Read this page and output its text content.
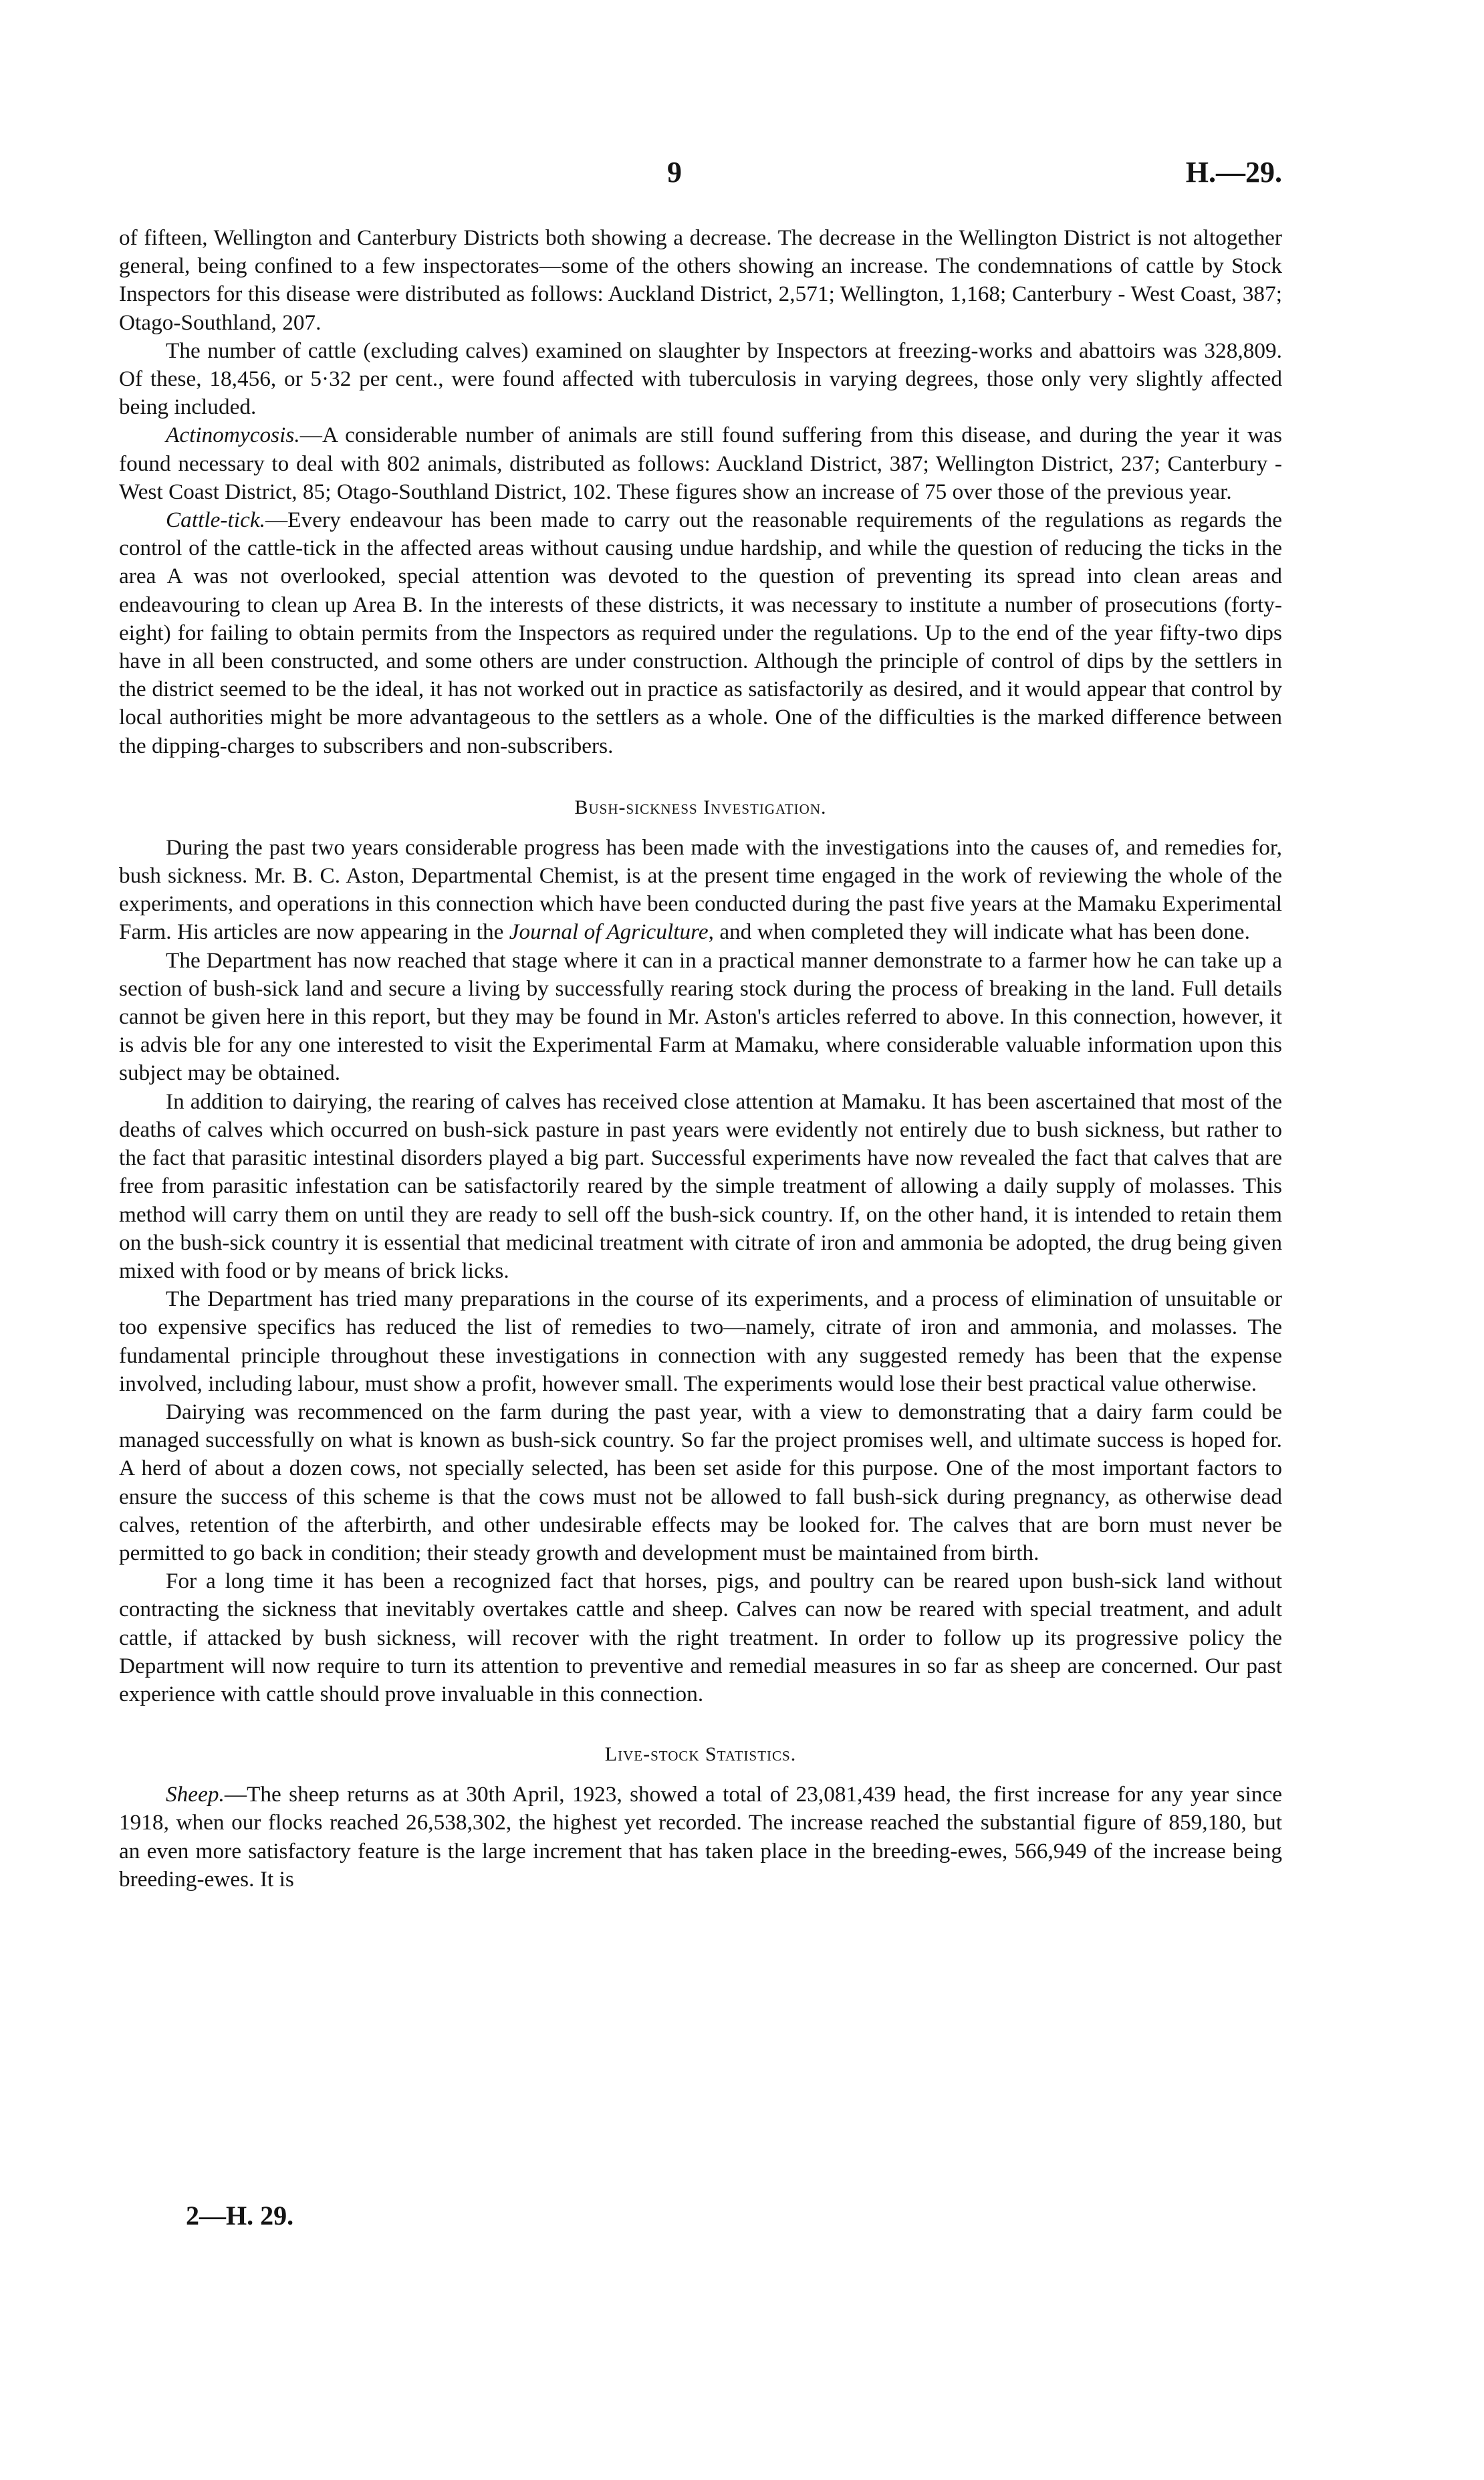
9	H.—29.

of fifteen, Wellington and Canterbury Districts both showing a decrease. The decrease in the Wellington District is not altogether general, being confined to a few inspectorates—some of the others showing an increase. The condemnations of cattle by Stock Inspectors for this disease were distributed as follows: Auckland District, 2,571; Wellington, 1,168; Canterbury - West Coast, 387; Otago-Southland, 207.

The number of cattle (excluding calves) examined on slaughter by Inspectors at freezing-works and abattoirs was 328,809. Of these, 18,456, or 5·32 per cent., were found affected with tuberculosis in varying degrees, those only very slightly affected being included.

Actinomycosis.—A considerable number of animals are still found suffering from this disease, and during the year it was found necessary to deal with 802 animals, distributed as follows: Auckland District, 387; Wellington District, 237; Canterbury - West Coast District, 85; Otago-Southland District, 102. These figures show an increase of 75 over those of the previous year.

Cattle-tick.—Every endeavour has been made to carry out the reasonable requirements of the regulations as regards the control of the cattle-tick in the affected areas without causing undue hardship, and while the question of reducing the ticks in the area A was not overlooked, special attention was devoted to the question of preventing its spread into clean areas and endeavouring to clean up Area B. In the interests of these districts, it was necessary to institute a number of prosecutions (forty-eight) for failing to obtain permits from the Inspectors as required under the regulations. Up to the end of the year fifty-two dips have in all been constructed, and some others are under construction. Although the principle of control of dips by the settlers in the district seemed to be the ideal, it has not worked out in practice as satisfactorily as desired, and it would appear that control by local authorities might be more advantageous to the settlers as a whole. One of the difficulties is the marked difference between the dipping-charges to subscribers and non-subscribers.

Bush-sickness Investigation.

During the past two years considerable progress has been made with the investigations into the causes of, and remedies for, bush sickness. Mr. B. C. Aston, Departmental Chemist, is at the present time engaged in the work of reviewing the whole of the experiments, and operations in this connection which have been conducted during the past five years at the Mamaku Experimental Farm. His articles are now appearing in the Journal of Agriculture, and when completed they will indicate what has been done.

The Department has now reached that stage where it can in a practical manner demonstrate to a farmer how he can take up a section of bush-sick land and secure a living by successfully rearing stock during the process of breaking in the land. Full details cannot be given here in this report, but they may be found in Mr. Aston's articles referred to above. In this connection, however, it is advis ble for any one interested to visit the Experimental Farm at Mamaku, where considerable valuable information upon this subject may be obtained.

In addition to dairying, the rearing of calves has received close attention at Mamaku. It has been ascertained that most of the deaths of calves which occurred on bush-sick pasture in past years were evidently not entirely due to bush sickness, but rather to the fact that parasitic intestinal disorders played a big part. Successful experiments have now revealed the fact that calves that are free from parasitic infestation can be satisfactorily reared by the simple treatment of allowing a daily supply of molasses. This method will carry them on until they are ready to sell off the bush-sick country. If, on the other hand, it is intended to retain them on the bush-sick country it is essential that medicinal treatment with citrate of iron and ammonia be adopted, the drug being given mixed with food or by means of brick licks.

The Department has tried many preparations in the course of its experiments, and a process of elimination of unsuitable or too expensive specifics has reduced the list of remedies to two—namely, citrate of iron and ammonia, and molasses. The fundamental principle throughout these investigations in connection with any suggested remedy has been that the expense involved, including labour, must show a profit, however small. The experiments would lose their best practical value otherwise.

Dairying was recommenced on the farm during the past year, with a view to demonstrating that a dairy farm could be managed successfully on what is known as bush-sick country. So far the project promises well, and ultimate success is hoped for. A herd of about a dozen cows, not specially selected, has been set aside for this purpose. One of the most important factors to ensure the success of this scheme is that the cows must not be allowed to fall bush-sick during pregnancy, as otherwise dead calves, retention of the afterbirth, and other undesirable effects may be looked for. The calves that are born must never be permitted to go back in condition; their steady growth and development must be maintained from birth.

For a long time it has been a recognized fact that horses, pigs, and poultry can be reared upon bush-sick land without contracting the sickness that inevitably overtakes cattle and sheep. Calves can now be reared with special treatment, and adult cattle, if attacked by bush sickness, will recover with the right treatment. In order to follow up its progressive policy the Department will now require to turn its attention to preventive and remedial measures in so far as sheep are concerned. Our past experience with cattle should prove invaluable in this connection.

Live-stock Statistics.

Sheep.—The sheep returns as at 30th April, 1923, showed a total of 23,081,439 head, the first increase for any year since 1918, when our flocks reached 26,538,302, the highest yet recorded. The increase reached the substantial figure of 859,180, but an even more satisfactory feature is the large increment that has taken place in the breeding-ewes, 566,949 of the increase being breeding-ewes. It is

2—H. 29.
